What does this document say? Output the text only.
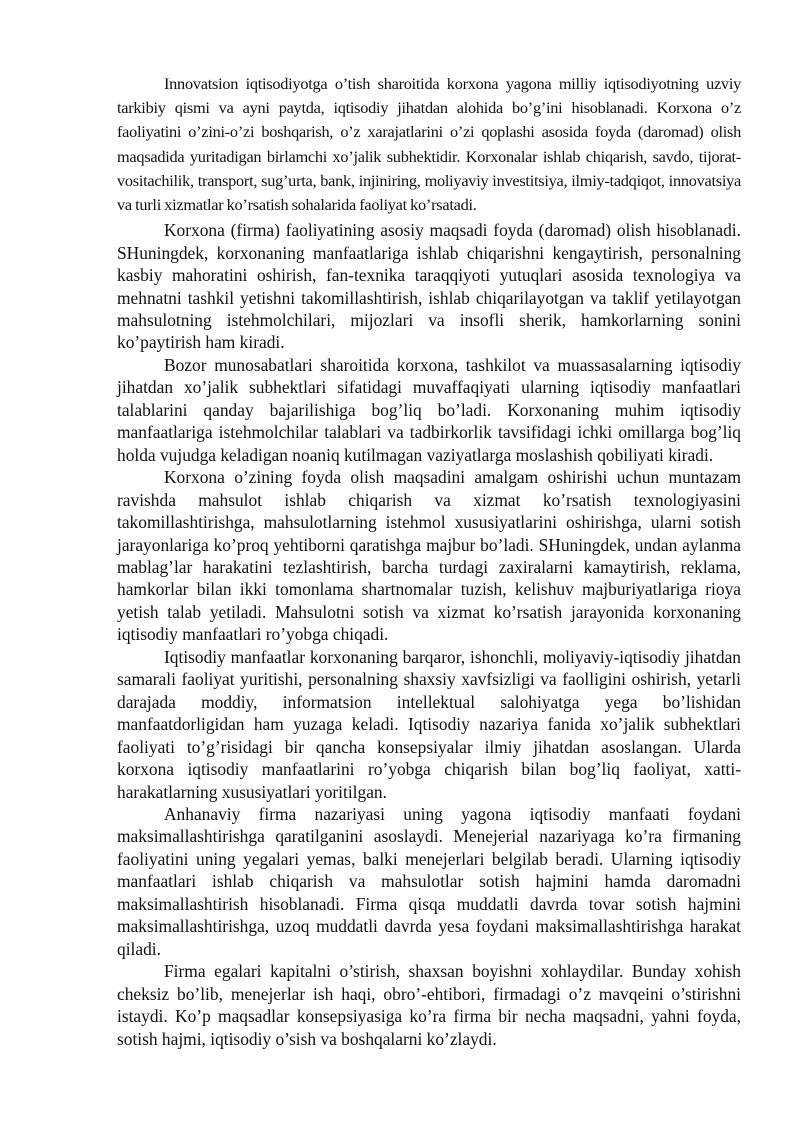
Innovatsion iqtisodiyotga o’tish sharoitida korxona yagona milliy iqtisodiyotning uzviy tarkibiy qismi va ayni paytda, iqtisodiy jihatdan alohida bo’g’ini hisoblanadi. Korxona o’z faoliyatini o’zini-o’zi boshqarish, o’z xarajatlarini o’zi qoplashi asosida foyda (daromad) olish maqsadida yuritadigan birlamchi xo’jalik subhektidir. Korxonalar ishlab chiqarish, savdo, tijorat-vositachilik, transport, sug’urta, bank, injiniring, moliyaviy investitsiya, ilmiy-tadqiqot, innovatsiya va turli xizmatlar ko’rsatish sohalarida faoliyat ko’rsatadi.

Korxona (firma) faoliyatining asosiy maqsadi foyda (daromad) olish hisoblanadi. SHuningdek, korxonaning manfaatlariga ishlab chiqarishni kengaytirish, personalning kasbiy mahoratini oshirish, fan-texnika taraqqiyoti yutuqlari asosida texnologiya va mehnatni tashkil yetishni takomillashtirish, ishlab chiqarilayotgan va taklif yetilayotgan mahsulotning istehmolchilari, mijozlari va insofli sherik, hamkorlarning sonini ko’paytirish ham kiradi.

Bozor munosabatlari sharoitida korxona, tashkilot va muassasalarning iqtisodiy jihatdan xo’jalik subhektlari sifatidagi muvaffaqiyati ularning iqtisodiy manfaatlari talablarini qanday bajarilishiga bog’liq bo’ladi. Korxonaning muhim iqtisodiy manfaatlariga istehmolchilar talablari va tadbirkorlik tavsifidagi ichki omillarga bog’liq holda vujudga keladigan noaniq kutilmagan vaziyatlarga moslashish qobiliyati kiradi.

Korxona o’zining foyda olish maqsadini amalgam oshirishi uchun muntazam ravishda mahsulot ishlab chiqarish va xizmat ko’rsatish texnologiyasini takomillashtirishga, mahsulotlarning istehmol xususiyatlarini oshirishga, ularni sotish jarayonlariga ko’proq yehtiborni qaratishga majbur bo’ladi. SHuningdek, undan aylanma mablag’lar harakatini tezlashtirish, barcha turdagi zaxiralarni kamaytirish, reklama, hamkorlar bilan ikki tomonlama shartnomalar tuzish, kelishuv majburiyatlariga rioya yetish talab yetiladi. Mahsulotni sotish va xizmat ko’rsatish jarayonida korxonaning iqtisodiy manfaatlari ro’yobga chiqadi.

Iqtisodiy manfaatlar korxonaning barqaror, ishonchli, moliyaviy-iqtisodiy jihatdan samarali faoliyat yuritishi, personalning shaxsiy xavfsizligi va faolligini oshirish, yetarli darajada moddiy, informatsion intellektual salohiyatga yega bo’lishidan manfaatdorligidan ham yuzaga keladi. Iqtisodiy nazariya fanida xo’jalik subhektlari faoliyati to’g’risidagi bir qancha konsepsiyalar ilmiy jihatdan asoslangan. Ularda korxona iqtisodiy manfaatlarini ro’yobga chiqarish bilan bog’liq faoliyat, xatti-harakatlarning xususiyatlari yoritilgan.

Anhanaviy firma nazariyasi uning yagona iqtisodiy manfaati foydani maksimallashtirishga qaratilganini asoslaydi. Menejerial nazariyaga ko’ra firmaning faoliyatini uning yegalari yemas, balki menejerlari belgilab beradi. Ularning iqtisodiy manfaatlari ishlab chiqarish va mahsulotlar sotish hajmini hamda daromadni maksimallashtirish hisoblanadi. Firma qisqa muddatli davrda tovar sotish hajmini maksimallashtirishga, uzoq muddatli davrda yesa foydani maksimallashtirishga harakat qiladi.

Firma egalari kapitalni o’stirish, shaxsan boyishni xohlaydilar. Bunday xohish cheksiz bo’lib, menejerlar ish haqi, obro’-ehtibori, firmadagi o’z mavqeini o’stirishni istaydi. Ko’p maqsadlar konsepsiyasiga ko’ra firma bir necha maqsadni, yahni foyda, sotish hajmi, iqtisodiy o’sish va boshqalarni ko’zlaydi.
